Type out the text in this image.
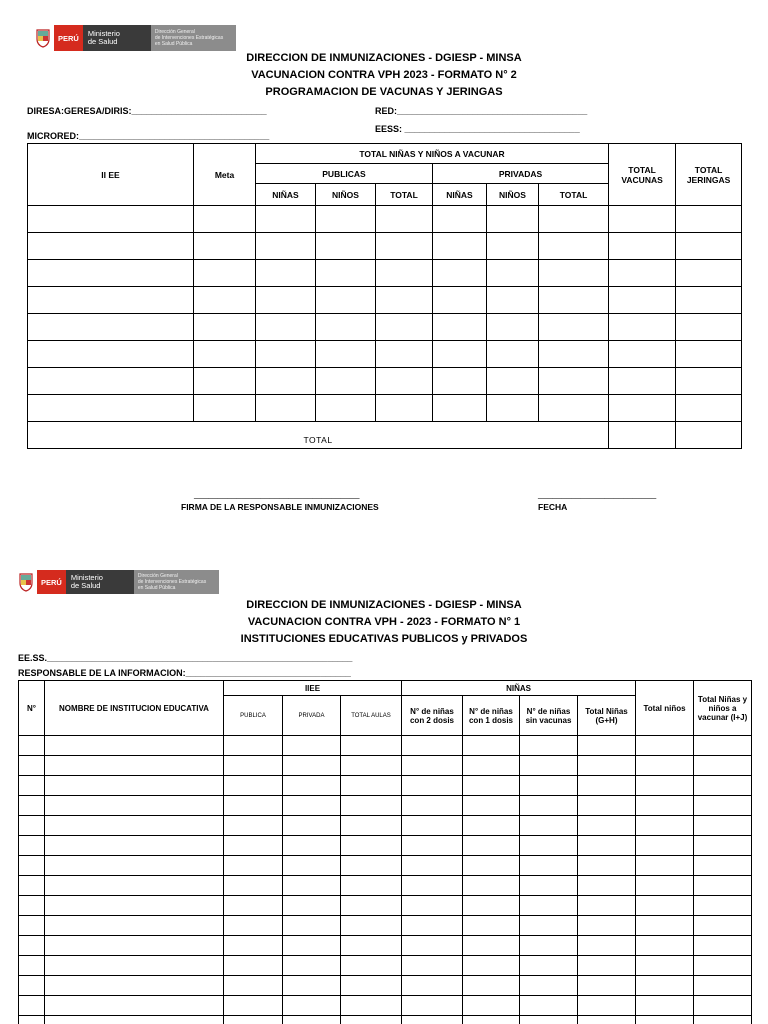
PERÚ	Ministerio
de Salud
Dirección General
de Intervenciones Estratégicas
en Salud Pública
DIRECCION DE INMUNIZACIONES - DGIESP - MINSA
VACUNACION CONTRA VPH 2023 - FORMATO N° 2
PROGRAMACION DE VACUNAS Y JERINGAS
DIRESA:GERESA/DIRIS:___________________________	RED:______________________________________
EESS: ___________________________________
MICRORED:______________________________________
II EE	Meta	TOTAL NIÑAS Y NIÑOS A VACUNAR						TOTAL VACUNAS	TOTAL JERINGAS
		PUBLICAS			PRIVADAS				
		NIÑAS	NIÑOS	TOTAL	NIÑAS	NIÑOS	TOTAL		

TOTAL									
___________________________________
FIRMA DE LA RESPONSABLE INMUNIZACIONES
_________________________
FECHA
PERÚ	Ministerio
de Salud
Dirección General
de Intervenciones Estratégicas
en Salud Pública
DIRECCION DE INMUNIZACIONES - DGIESP - MINSA
VACUNACION CONTRA VPH - 2023 - FORMATO N° 1
INSTITUCIONES EDUCATIVAS PUBLICOS y PRIVADOS
EE.SS._____________________________________________________________
RESPONSABLE DE LA INFORMACION:_________________________________
N°	NOMBRE DE INSTITUCION EDUCATIVA	IIEE			NIÑAS				Total niños	Total Niñas y niños a vacunar (I+J)
		PUBLICA	PRIVADA	TOTAL AULAS	N° de niñas con 2 dosis	N° de niñas con 1 dosis	N° de niñas sin vacunas	Total Niñas (G+H)		
